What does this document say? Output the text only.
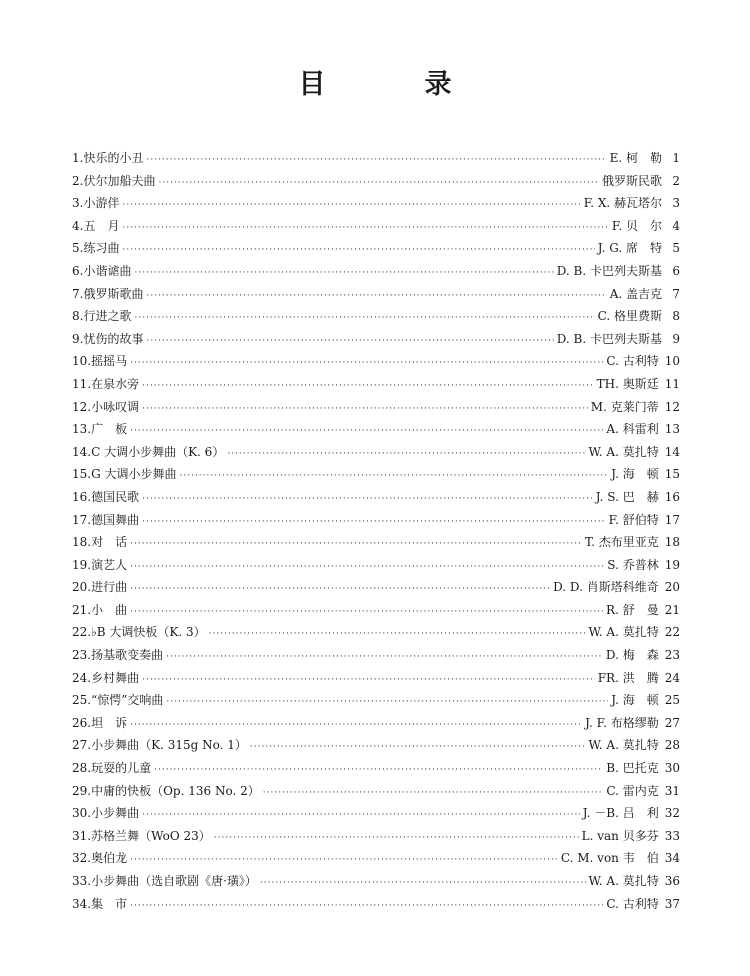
目　录
1. 快乐的小丑 ·····	E. 柯　勒 1
2. 伏尔加船夫曲 ·····	俄罗斯民歌 2
3. 小游伴 ·····	F. X. 赫瓦塔尔 3
4. 五　月 ·····	F. 贝　尔 4
5. 练习曲 ·····	J. G. 席　特 5
6. 小谐谑曲 ·····	D. B. 卡巴列夫斯基 6
7. 俄罗斯歌曲 ·····	A. 盖吉克 7
8. 行进之歌 ·····	C. 格里费斯 8
9. 忧伤的故事 ·····	D. B. 卡巴列夫斯基 9
10. 摇摇马 ·····	C. 古利特 10
11. 在泉水旁 ·····	TH. 奥斯廷 11
12. 小咏叹调 ·····	M. 克莱门蒂 12
13. 广　板 ·····	A. 科雷利 13
14. C 大调小步舞曲（K. 6） ·····	W. A. 莫扎特 14
15. G 大调小步舞曲 ·····	J. 海　顿 15
16. 德国民歌 ·····	J. S. 巴　赫 16
17. 德国舞曲 ·····	F. 舒伯特 17
18. 对　话 ·····	T. 杰布里亚克 18
19. 演艺人 ·····	S. 乔普林 19
20. 进行曲 ·····	D. D. 肖斯塔科维奇 20
21. 小　曲 ·····	R. 舒　曼 21
22. ♭B 大调快板（K. 3） ·····	W. A. 莫扎特 22
23. 扬基歌变奏曲 ·····	D. 梅　森 23
24. 乡村舞曲 ·····	FR. 洪　腾 24
25. “惊愕”交响曲 ·····	J. 海　顿 25
26. 坦　诉 ·····	J. F. 布格缪勒 27
27. 小步舞曲（K. 315g No. 1） ·····	W. A. 莫扎特 28
28. 玩耍的儿童 ·····	B. 巴托克 30
29. 中庸的快板（Op. 136 No. 2） ·····	C. 雷内克 31
30. 小步舞曲 ·····	J. －B. 吕　利 32
31. 苏格兰舞（WoO 23） ·····	L. van 贝多芬 33
32. 奥伯龙 ·····	C. M. von 韦　伯 34
33. 小步舞曲（选自歌剧《唐·璜》） ·····	W. A. 莫扎特 36
34. 集　市 ·····	C. 古利特 37
